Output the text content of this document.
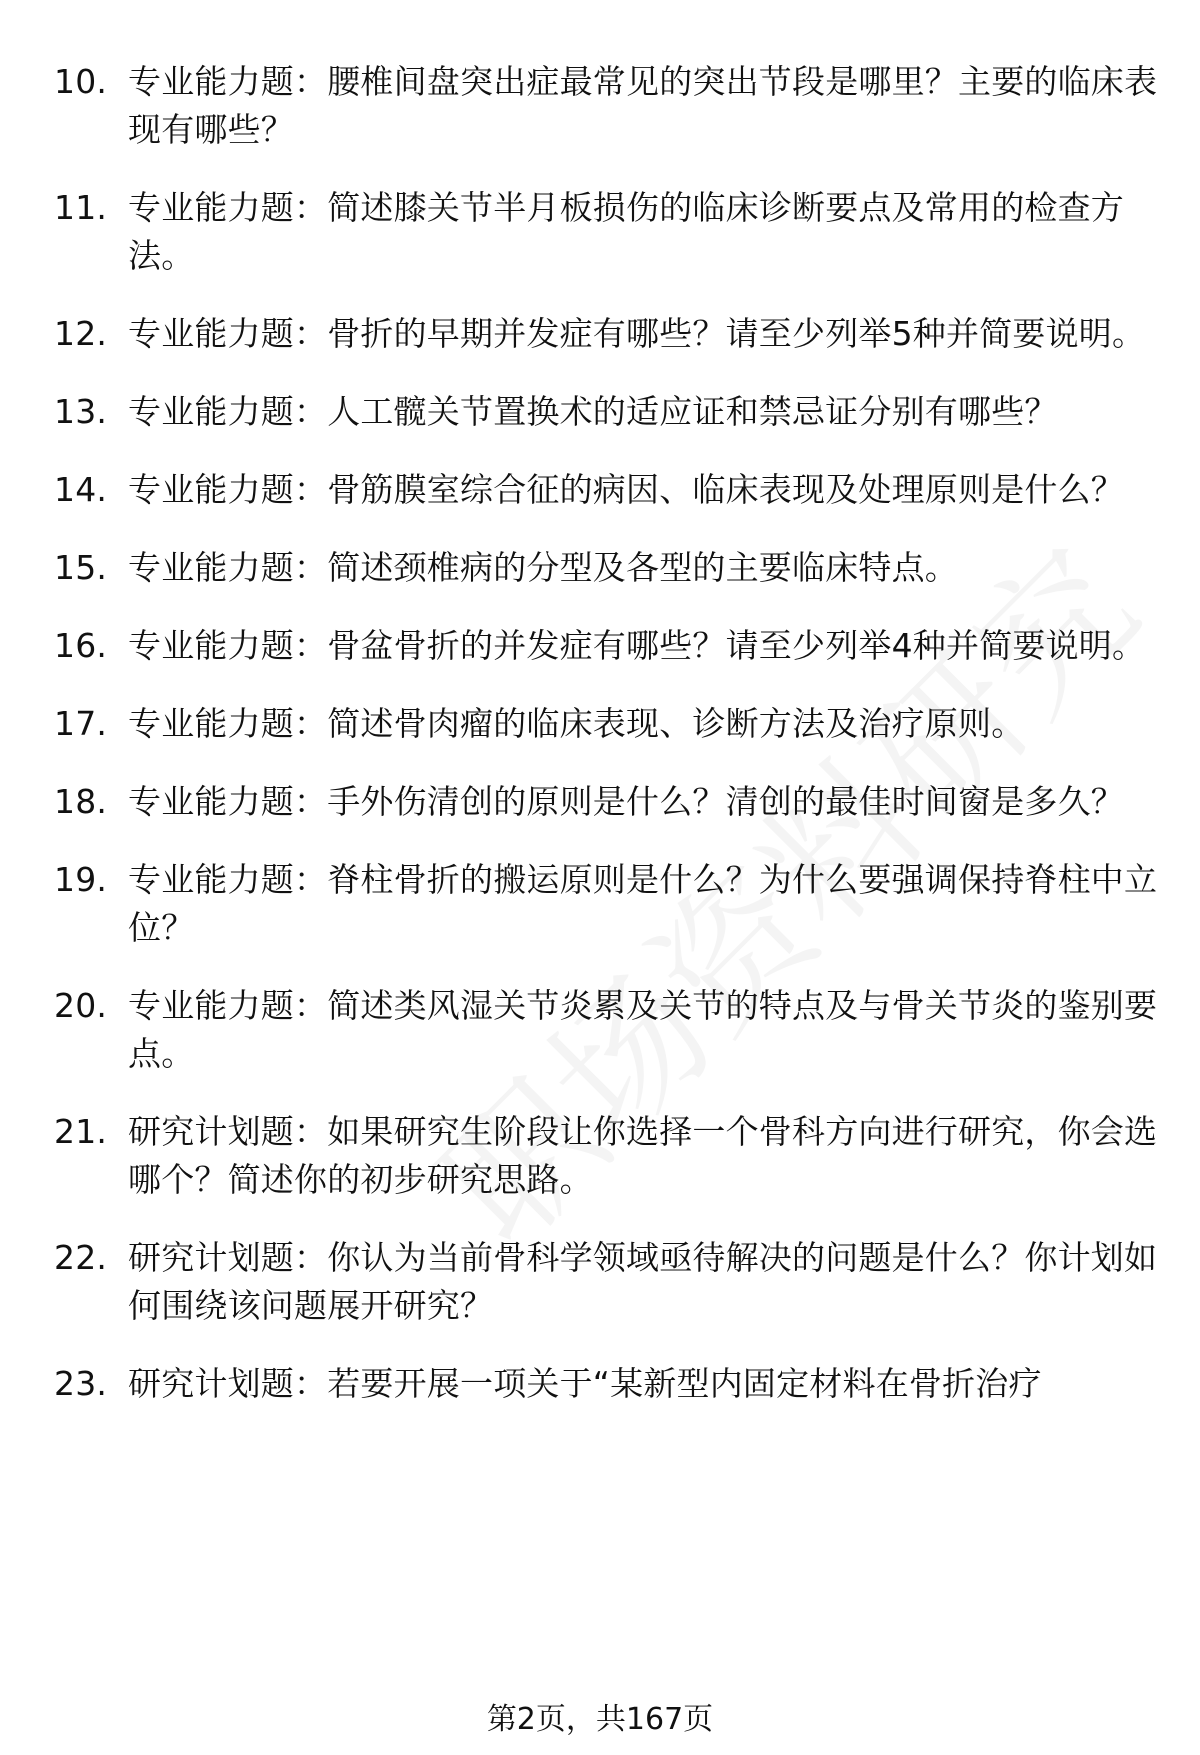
10. 专业能力题：腰椎间盘突出症最常见的突出节段是哪里？主要的临床表现有哪些？
11. 专业能力题：简述膝关节半月板损伤的临床诊断要点及常用的检查方法。
12. 专业能力题：骨折的早期并发症有哪些？请至少列举5种并简要说明。
13. 专业能力题：人工髋关节置换术的适应证和禁忌证分别有哪些？
14. 专业能力题：骨筋膜室综合征的病因、临床表现及处理原则是什么？
15. 专业能力题：简述颈椎病的分型及各型的主要临床特点。
16. 专业能力题：骨盆骨折的并发症有哪些？请至少列举4种并简要说明。
17. 专业能力题：简述骨肉瘤的临床表现、诊断方法及治疗原则。
18. 专业能力题：手外伤清创的原则是什么？清创的最佳时间窗是多久？
19. 专业能力题：脊柱骨折的搬运原则是什么？为什么要强调保持脊柱中立位？
20. 专业能力题：简述类风湿关节炎累及关节的特点及与骨关节炎的鉴别要点。
21. 研究计划题：如果研究生阶段让你选择一个骨科方向进行研究，你会选哪个？简述你的初步研究思路。
22. 研究计划题：你认为当前骨科学领域亟待解决的问题是什么？你计划如何围绕该问题展开研究？
23. 研究计划题：若要开展一项关于“某新型内固定材料在骨折治疗
第2页，共167页
